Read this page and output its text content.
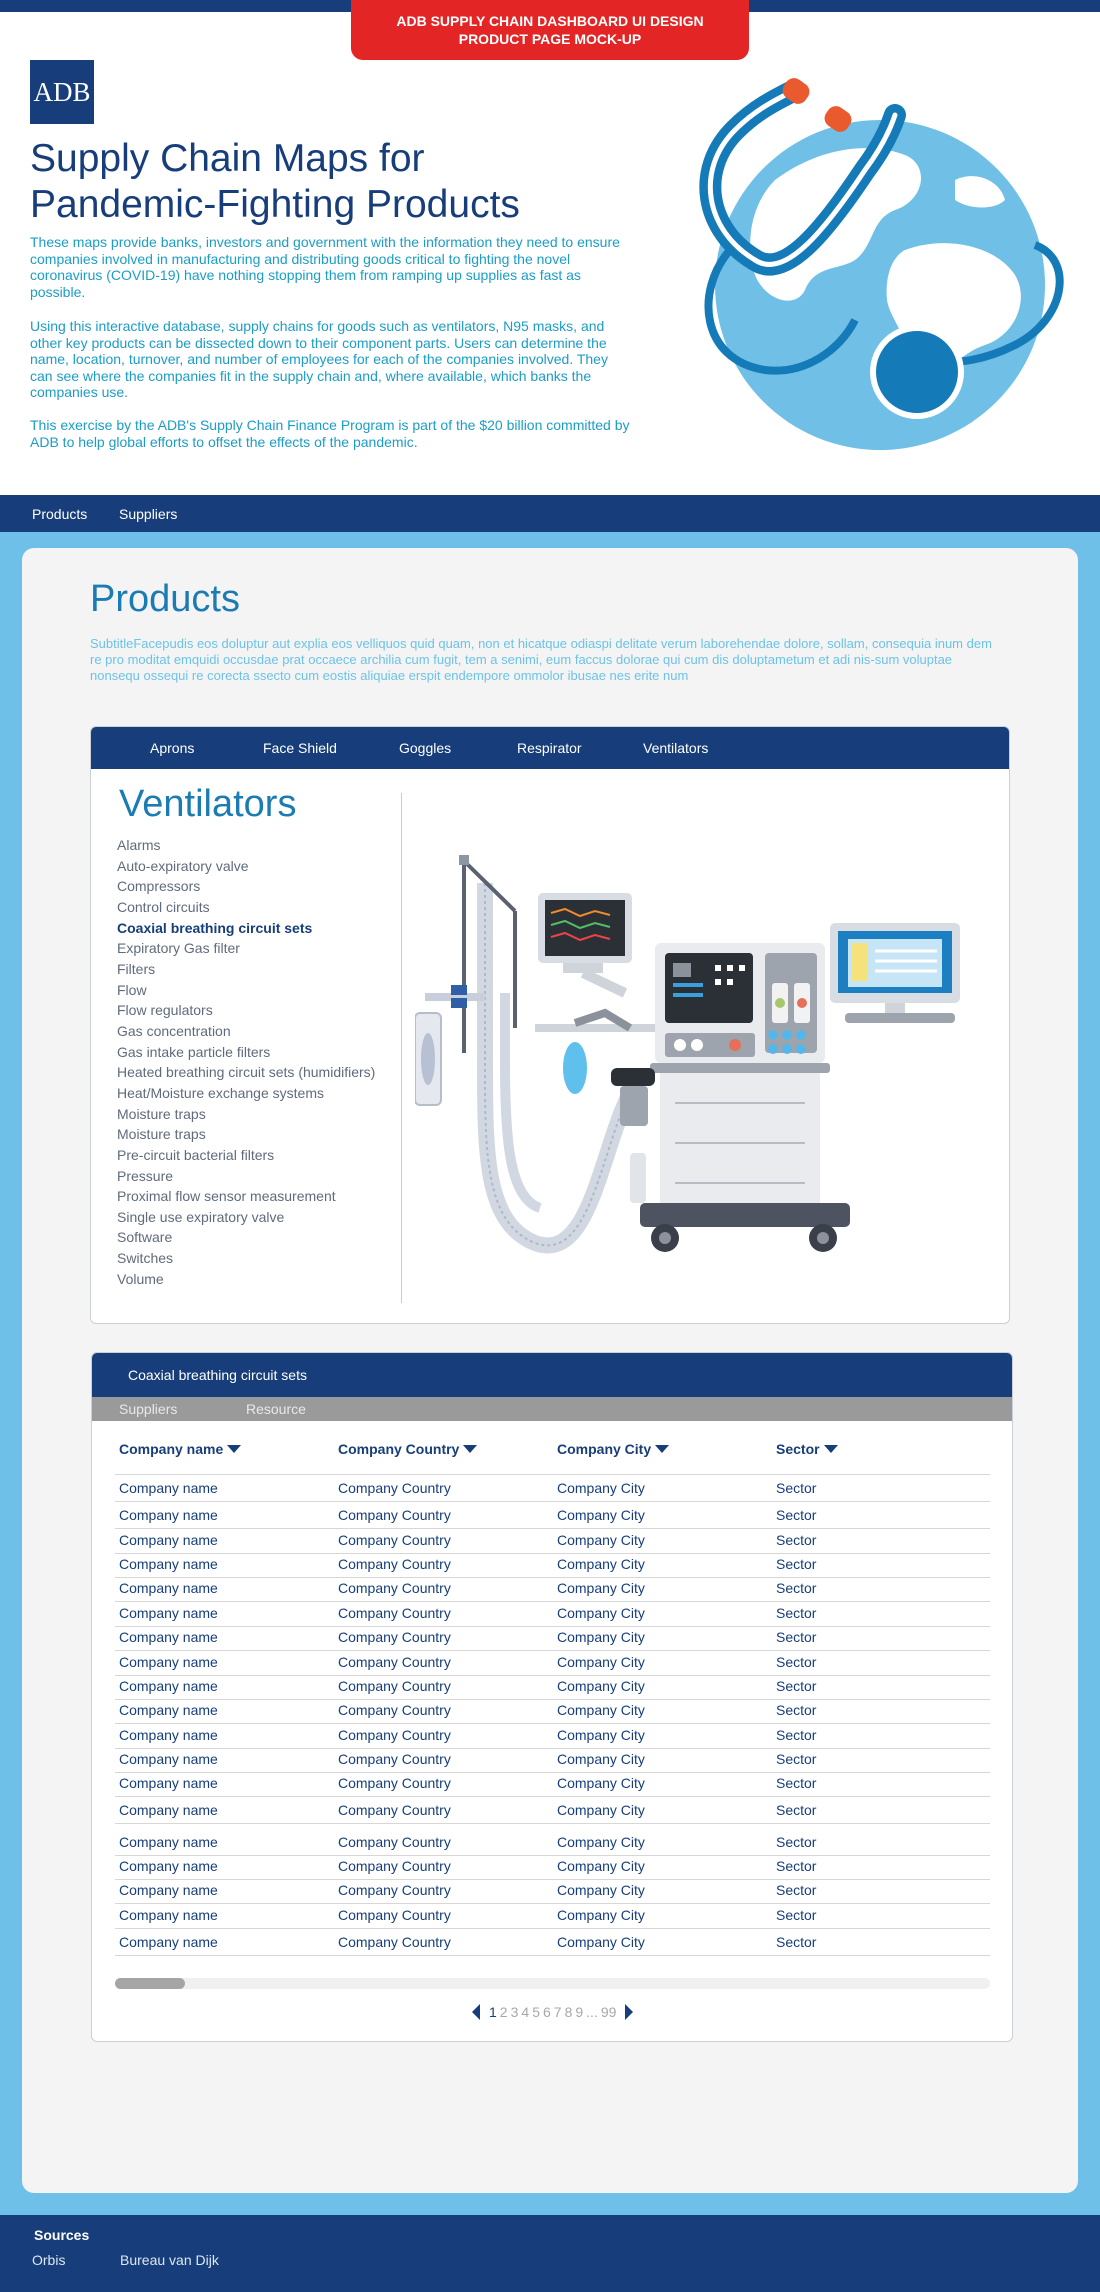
ADB SUPPLY CHAIN DASHBOARD UI DESIGN
PRODUCT PAGE MOCK-UP
ADB
Supply Chain Maps for
Pandemic-Fighting Products

These maps provide banks, investors and government with the information they need to ensure companies involved in manufacturing and distributing goods critical to fighting the novel coronavirus (COVID-19) have nothing stopping them from ramping up supplies as fast as possible.

Using this interactive database, supply chains for goods such as ventilators, N95 masks, and other key products can be dissected down to their component parts. Users can determine the name, location, turnover, and number of employees for each of the companies involved. They can see where the companies fit in the supply chain and, where available, which banks the companies use.

This exercise by the ADB's Supply Chain Finance Program is part of the $20 billion committed by ADB to help global efforts to offset the effects of the pandemic.

Products Suppliers
Products

SubtitleFacepudis eos doluptur aut explia eos velliquos quid quam, non et hicatque odiaspi delitate verum laborehendae dolore, sollam, consequia inum dem re pro moditat emquidi occusdae prat occaece archilia cum fugit, tem a senimi, eum faccus dolorae qui cum dis doluptametum et adi nis-sum voluptae nonsequ ossequi re corecta ssecto cum eostis aliquiae erspit endempore ommolor ibusae nes erite num

Aprons	Face Shield	Goggles	Respirator	Ventilators
Ventilators
Alarms
Auto-expiratory valve
Compressors
Control circuits
Coaxial breathing circuit sets
Expiratory Gas filter
Filters
Flow
Flow regulators
Gas concentration
Gas intake particle filters
Heated breathing circuit sets (humidifiers)
Heat/Moisture exchange systems
Moisture traps
Moisture traps
Pre-circuit bacterial filters
Pressure
Proximal flow sensor measurement
Single use expiratory valve
Software
Switches
Volume
Coaxial breathing circuit sets
Suppliers	Resource
Company name	Company Country	Company City	Sector
Company name	Company Country	Company City	Sector
Company name	Company Country	Company City	Sector
Company name	Company Country	Company City	Sector
Company name	Company Country	Company City	Sector
Company name	Company Country	Company City	Sector
Company name	Company Country	Company City	Sector
Company name	Company Country	Company City	Sector
Company name	Company Country	Company City	Sector
Company name	Company Country	Company City	Sector
Company name	Company Country	Company City	Sector
Company name	Company Country	Company City	Sector
Company name	Company Country	Company City	Sector
Company name	Company Country	Company City	Sector
Company name	Company Country	Company City	Sector
Company name	Company Country	Company City	Sector
Company name	Company Country	Company City	Sector
Company name	Company Country	Company City	Sector
Company name	Company Country	Company City	Sector
Company name	Company Country	Company City	Sector
1 2 3 4 5 6 7 8 9 ... 99
Sources
Orbis	Bureau van Dijk
